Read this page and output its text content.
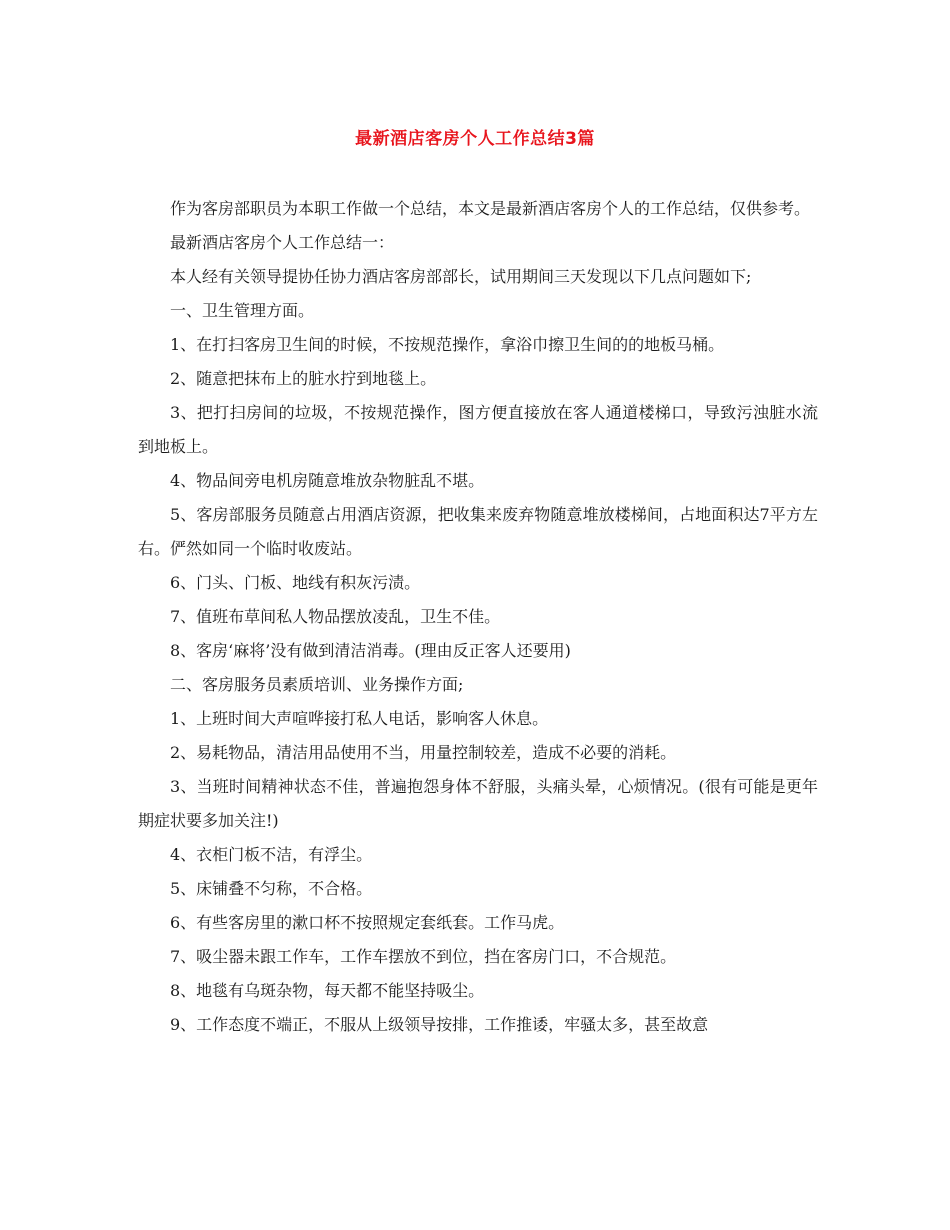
最新酒店客房个人工作总结3篇

作为客房部职员为本职工作做一个总结，本文是最新酒店客房个人的工作总结，仅供参考。

最新酒店客房个人工作总结一：

本人经有关领导提协任协力酒店客房部部长，试用期间三天发现以下几点问题如下;

一、卫生管理方面。

1、在打扫客房卫生间的时候，不按规范操作，拿浴巾擦卫生间的的地板马桶。

2、随意把抹布上的脏水拧到地毯上。

3、把打扫房间的垃圾，不按规范操作，图方便直接放在客人通道楼梯口，导致污浊脏水流到地板上。

4、物品间旁电机房随意堆放杂物脏乱不堪。

5、客房部服务员随意占用酒店资源，把收集来废弃物随意堆放楼梯间，占地面积达7平方左右。俨然如同一个临时收废站。

6、门头、门板、地线有积灰污渍。

7、值班布草间私人物品摆放凌乱，卫生不佳。

8、客房‘麻将’没有做到清洁消毒。(理由反正客人还要用)

二、客房服务员素质培训、业务操作方面;

1、上班时间大声喧哗接打私人电话，影响客人休息。

2、易耗物品，清洁用品使用不当，用量控制较差，造成不必要的消耗。

3、当班时间精神状态不佳，普遍抱怨身体不舒服，头痛头晕，心烦情况。(很有可能是更年期症状要多加关注!)

4、衣柜门板不洁，有浮尘。

5、床铺叠不匀称，不合格。

6、有些客房里的漱口杯不按照规定套纸套。工作马虎。

7、吸尘器未跟工作车，工作车摆放不到位，挡在客房门口，不合规范。

8、地毯有乌斑杂物，每天都不能坚持吸尘。

9、工作态度不端正，不服从上级领导按排，工作推诿，牢骚太多，甚至故意
